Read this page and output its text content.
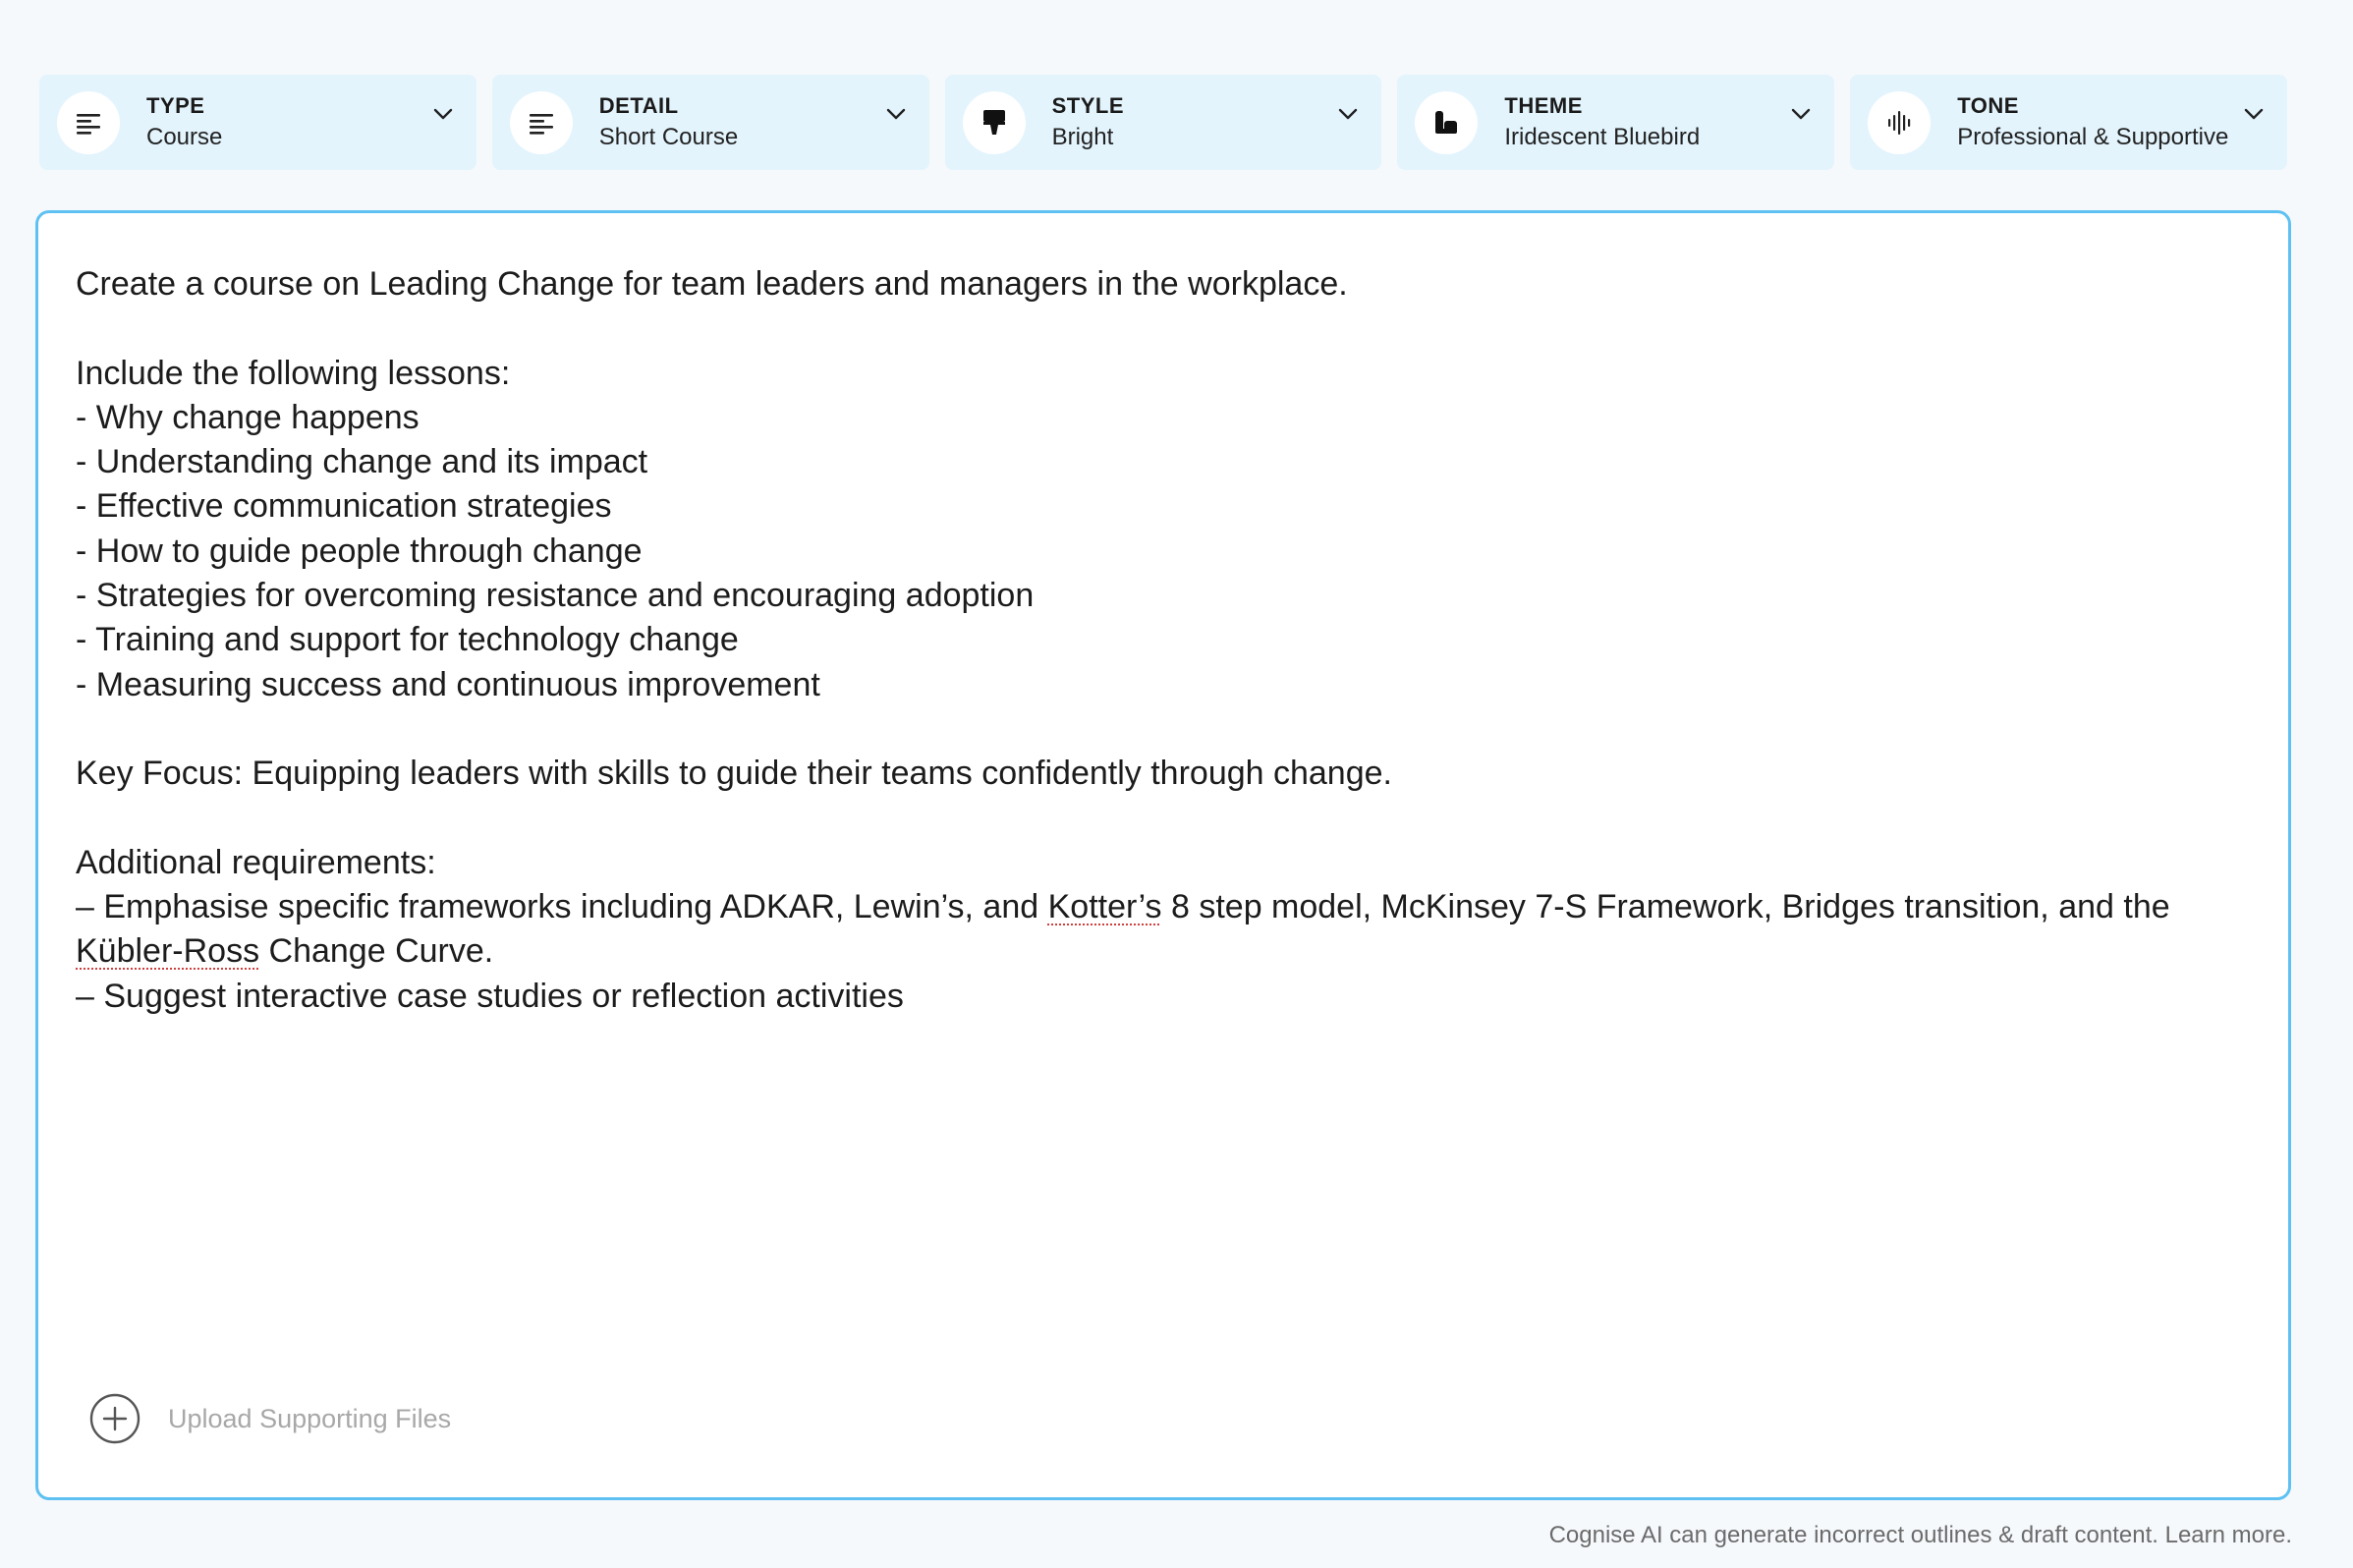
TYPE
Course
DETAIL
Short Course
STYLE
Bright
THEME
Iridescent Bluebird
TONE
Professional & Supportive
Create a course on Leading Change for team leaders and managers in the workplace.

Include the following lessons:
- Why change happens
- Understanding change and its impact
- Effective communication strategies
- How to guide people through change
- Strategies for overcoming resistance and encouraging adoption
- Training and support for technology change
- Measuring success and continuous improvement

Key Focus: Equipping leaders with skills to guide their teams confidently through change.

Additional requirements:
– Emphasise specific frameworks including ADKAR, Lewin’s, and Kotter’s 8 step model, McKinsey 7-S Framework, Bridges transition, and the
Kübler-Ross Change Curve.
– Suggest interactive case studies or reflection activities
Upload Supporting Files
Cognise AI can generate incorrect outlines & draft content. Learn more.
